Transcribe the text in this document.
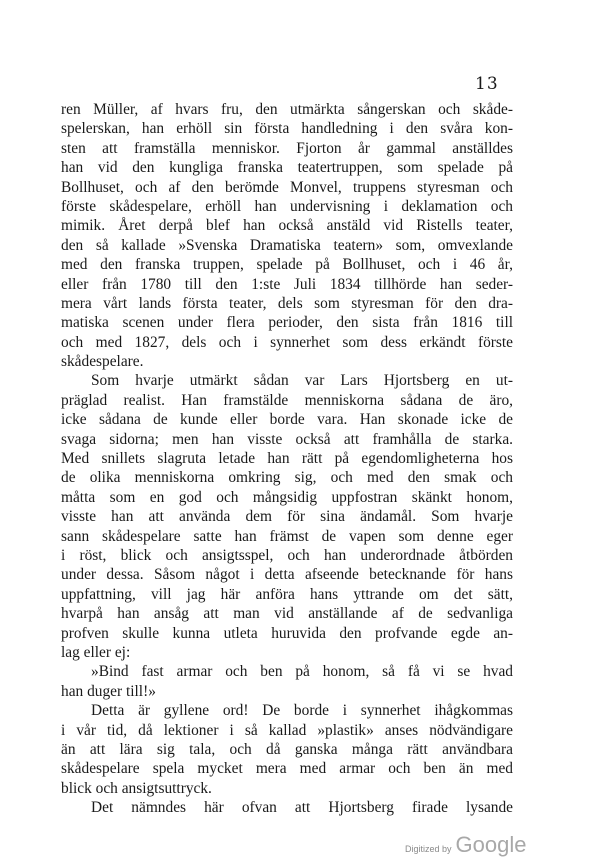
13
ren Müller, af hvars fru, den utmärkta sångerskan och skåde-
spelerskan, han erhöll sin första handledning i den svåra kon-
sten att framställa menniskor. Fjorton år gammal anställdes
han vid den kungliga franska teatertruppen, som spelade på
Bollhuset, och af den berömde Monvel, truppens styresman och
förste skådespelare, erhöll han undervisning i deklamation och
mimik. Året derpå blef han också anstäld vid Ristells teater,
den så kallade »Svenska Dramatiska teatern» som, omvexlande
med den franska truppen, spelade på Bollhuset, och i 46 år,
eller från 1780 till den 1:ste Juli 1834 tillhörde han seder-
mera vårt lands första teater, dels som styresman för den dra-
matiska scenen under flera perioder, den sista från 1816 till
och med 1827, dels och i synnerhet som dess erkändt förste
skådespelare.
Som hvarje utmärkt sådan var Lars Hjortsberg en ut-
präglad realist. Han framstälde menniskorna sådana de äro,
icke sådana de kunde eller borde vara. Han skonade icke de
svaga sidorna; men han visste också att framhålla de starka.
Med snillets slagruta letade han rätt på egendomligheterna hos
de olika menniskorna omkring sig, och med den smak och
måtta som en god och mångsidig uppfostran skänkt honom,
visste han att använda dem för sina ändamål. Som hvarje
sann skådespelare satte han främst de vapen som denne eger
i röst, blick och ansigtsspel, och han underordnade åtbörden
under dessa. Såsom något i detta afseende betecknande för hans
uppfattning, vill jag här anföra hans yttrande om det sätt,
hvarpå han ansåg att man vid anställande af de sedvanliga
profven skulle kunna utleta huruvida den profvande egde an-
lag eller ej:
»Bind fast armar och ben på honom, så få vi se hvad
han duger till!»
Detta är gyllene ord! De borde i synnerhet ihågkommas
i vår tid, då lektioner i så kallad »plastik» anses nödvändigare
än att lära sig tala, och då ganska många rätt användbara
skådespelare spela mycket mera med armar och ben än med
blick och ansigtsuttryck.
Det nämndes här ofvan att Hjortsberg firade lysande
Digitized by Google
